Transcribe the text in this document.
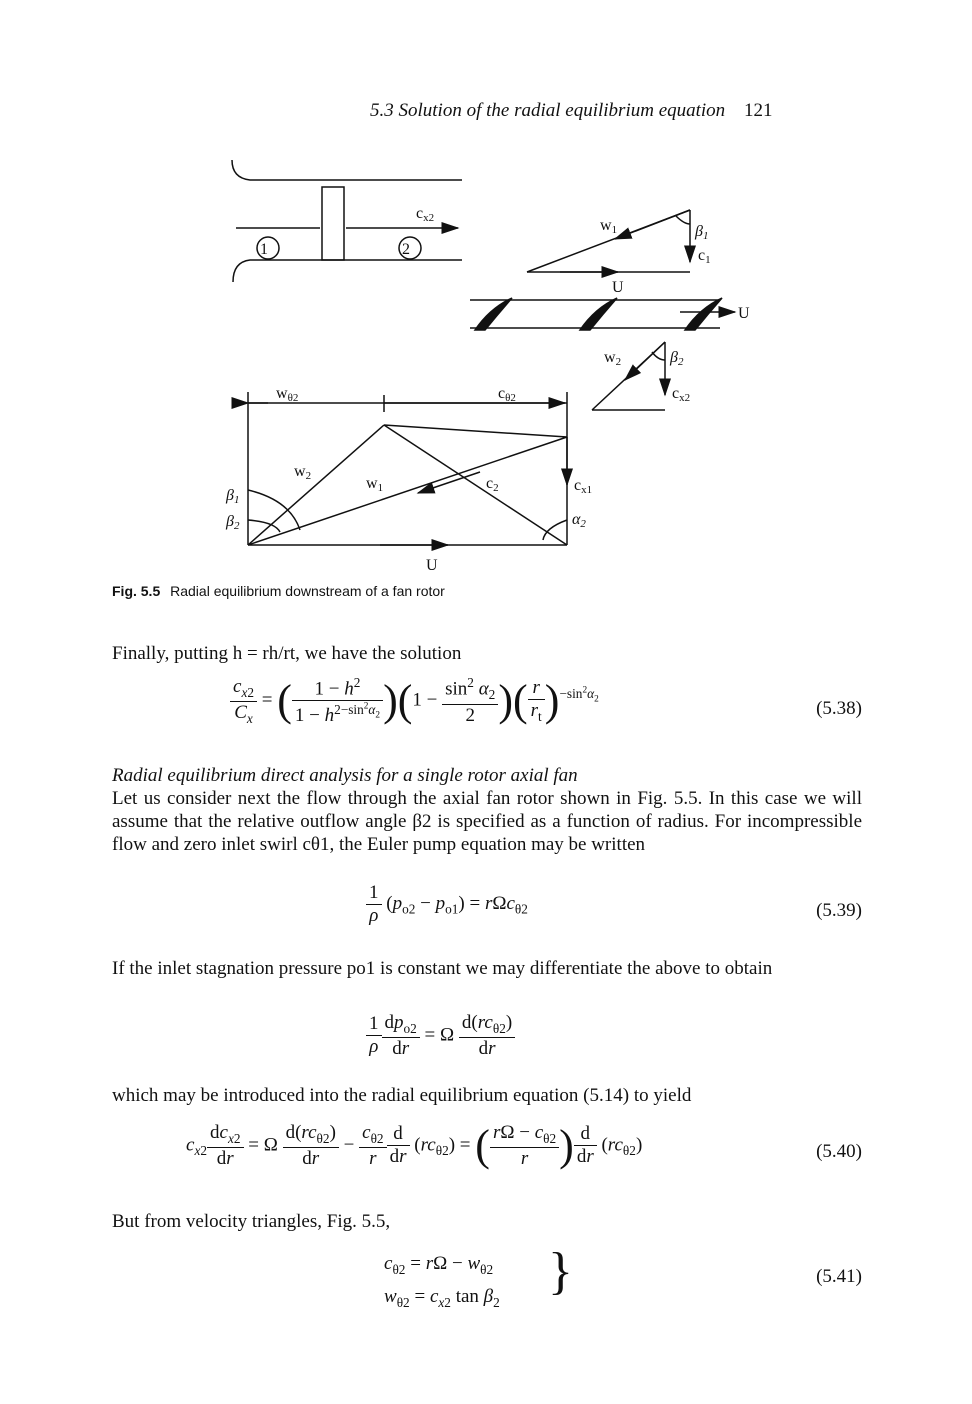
5.3 Solution of the radial equilibrium equation 121
1	2
cx2	w1	β1
c1
U
U
w2	β2
cx2
wθ2	cθ2
w2	w1	c2	cx1
α2
β1
β2
U
Fig. 5.5 Radial equilibrium downstream of a fan rotor
Finally, putting h = rh/rt, we have the solution
$\frac{c_{x2}}{C_x}$ = ( $\frac{1 - h^2}{1 - h^{2-sin^2\alpha_2}} )(1 - \frac{\sin^2 \alpha_2}{2}$ )( $\frac{r}{r_t} )^{-sin^2\alpha_2}$	(5.38)
Radial equilibrium direct analysis for a single rotor axial fan
Let us consider next the flow through the axial fan rotor shown in Fig. 5.5. In this case we will assume that the relative outflow angle β2 is specified as a function of radius. For incompressible flow and zero inlet swirl cθ1, the Euler pump equation may be written
$\frac{1}{\rho} (p_{o2} - p_{o1}) = r\Omega c_{\theta 2}$	(5.39)
If the inlet stagnation pressure po1 is constant we may differentiate the above to obtain
$\frac{1}{\rho} \frac{dp_{o2}}{dr} = \Omega \frac{d(rc_{\theta 2})}{dr}$
which may be introduced into the radial equilibrium equation (5.14) to yield
$c_{x2} \frac{dc_{x2}}{dr} = \Omega \frac{d(rc_{\theta 2})}{dr} - \frac{c_{\theta 2}}{r} \frac{d}{dr} (rc_{\theta 2})$ = ( $\frac{r\Omega - c_{\theta 2}}{r}$ ) $\frac{d}{dr} (rc_{\theta 2})$	(5.40)
But from velocity triangles, Fig. 5.5,
$c_{\theta 2} = r\Omega - w_{\theta 2}$
$w_{\theta 2} = c_{x2}$ $\tan \beta_2$
}	(5.41)
